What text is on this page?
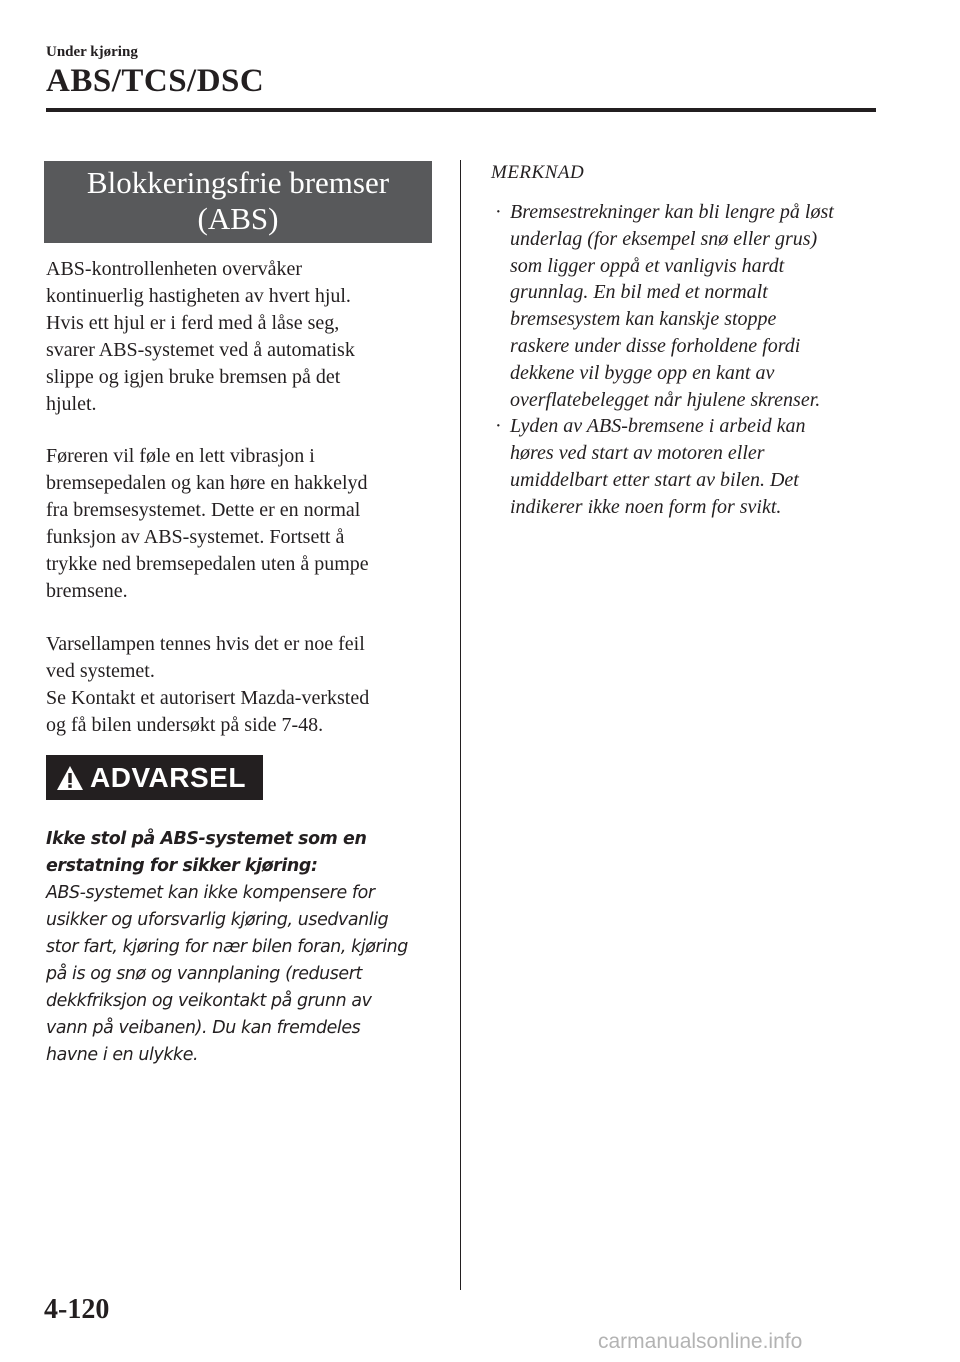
Under kjøring
ABS/TCS/DSC
Blokkeringsfrie bremser
(ABS)

ABS-kontrollenheten overvåker
kontinuerlig hastigheten av hvert hjul.
Hvis ett hjul er i ferd med å låse seg,
svarer ABS-systemet ved å automatisk
slippe og igjen bruke bremsen på det
hjulet.

Føreren vil føle en lett vibrasjon i
bremsepedalen og kan høre en hakkelyd
fra bremsesystemet. Dette er en normal
funksjon av ABS-systemet. Fortsett å
trykke ned bremsepedalen uten å pumpe
bremsene.

Varsellampen tennes hvis det er noe feil
ved systemet.
Se Kontakt et autorisert Mazda-verksted
og få bilen undersøkt på side 7-48.

ADVARSEL
Ikke stol på ABS-systemet som en
erstatning for sikker kjøring:
ABS-systemet kan ikke kompensere for
usikker og uforsvarlig kjøring, usedvanlig
stor fart, kjøring for nær bilen foran, kjøring
på is og snø og vannplaning (redusert
dekkfriksjon og veikontakt på grunn av
vann på veibanen). Du kan fremdeles
havne i en ulykke.
MERKNAD
· Bremsestrekninger kan bli lengre på løst
underlag (for eksempel snø eller grus)
som ligger oppå et vanligvis hardt
grunnlag. En bil med et normalt
bremsesystem kan kanskje stoppe
raskere under disse forholdene fordi
dekkene vil bygge opp en kant av
overflatebelegget når hjulene skrenser.
· Lyden av ABS-bremsene i arbeid kan
høres ved start av motoren eller
umiddelbart etter start av bilen. Det
indikerer ikke noen form for svikt.
4-120
carmanualsonline.info
